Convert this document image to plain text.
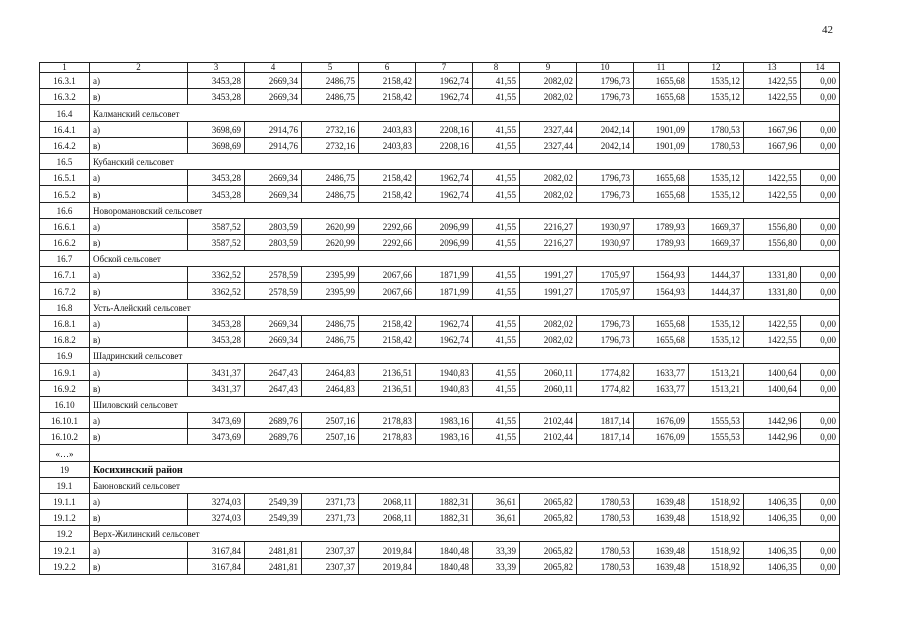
42
1	2	3	4	5	6	7	8	9	10	11	12	13	14
16.3.1	а)	3453,28	2669,34	2486,75	2158,42	1962,74	41,55	2082,02	1796,73	1655,68	1535,12	1422,55	0,00
16.3.2	в)	3453,28	2669,34	2486,75	2158,42	1962,74	41,55	2082,02	1796,73	1655,68	1535,12	1422,55	0,00
16.4	Калманский сельсовет												
16.4.1	а)	3698,69	2914,76	2732,16	2403,83	2208,16	41,55	2327,44	2042,14	1901,09	1780,53	1667,96	0,00
16.4.2	в)	3698,69	2914,76	2732,16	2403,83	2208,16	41,55	2327,44	2042,14	1901,09	1780,53	1667,96	0,00
16.5	Кубанский сельсовет												
16.5.1	а)	3453,28	2669,34	2486,75	2158,42	1962,74	41,55	2082,02	1796,73	1655,68	1535,12	1422,55	0,00
16.5.2	в)	3453,28	2669,34	2486,75	2158,42	1962,74	41,55	2082,02	1796,73	1655,68	1535,12	1422,55	0,00
16.6	Новороманoвский сельсовет												
16.6.1	а)	3587,52	2803,59	2620,99	2292,66	2096,99	41,55	2216,27	1930,97	1789,93	1669,37	1556,80	0,00
16.6.2	в)	3587,52	2803,59	2620,99	2292,66	2096,99	41,55	2216,27	1930,97	1789,93	1669,37	1556,80	0,00
16.7	Обской сельсовет												
16.7.1	а)	3362,52	2578,59	2395,99	2067,66	1871,99	41,55	1991,27	1705,97	1564,93	1444,37	1331,80	0,00
16.7.2	в)	3362,52	2578,59	2395,99	2067,66	1871,99	41,55	1991,27	1705,97	1564,93	1444,37	1331,80	0,00
16.8	Усть-Алейский сельсовет												
16.8.1	а)	3453,28	2669,34	2486,75	2158,42	1962,74	41,55	2082,02	1796,73	1655,68	1535,12	1422,55	0,00
16.8.2	в)	3453,28	2669,34	2486,75	2158,42	1962,74	41,55	2082,02	1796,73	1655,68	1535,12	1422,55	0,00
16.9	Шадринский сельсовет												
16.9.1	а)	3431,37	2647,43	2464,83	2136,51	1940,83	41,55	2060,11	1774,82	1633,77	1513,21	1400,64	0,00
16.9.2	в)	3431,37	2647,43	2464,83	2136,51	1940,83	41,55	2060,11	1774,82	1633,77	1513,21	1400,64	0,00
16.10	Шиловский сельсовет												
16.10.1	а)	3473,69	2689,76	2507,16	2178,83	1983,16	41,55	2102,44	1817,14	1676,09	1555,53	1442,96	0,00
16.10.2	в)	3473,69	2689,76	2507,16	2178,83	1983,16	41,55	2102,44	1817,14	1676,09	1555,53	1442,96	0,00
«…»													
19	Косихинский район												
19.1	Баюновский сельсовет												
19.1.1	а)	3274,03	2549,39	2371,73	2068,11	1882,31	36,61	2065,82	1780,53	1639,48	1518,92	1406,35	0,00
19.1.2	в)	3274,03	2549,39	2371,73	2068,11	1882,31	36,61	2065,82	1780,53	1639,48	1518,92	1406,35	0,00
19.2	Верх-Жилинский сельсовет												
19.2.1	а)	3167,84	2481,81	2307,37	2019,84	1840,48	33,39	2065,82	1780,53	1639,48	1518,92	1406,35	0,00
19.2.2	в)	3167,84	2481,81	2307,37	2019,84	1840,48	33,39	2065,82	1780,53	1639,48	1518,92	1406,35	0,00
